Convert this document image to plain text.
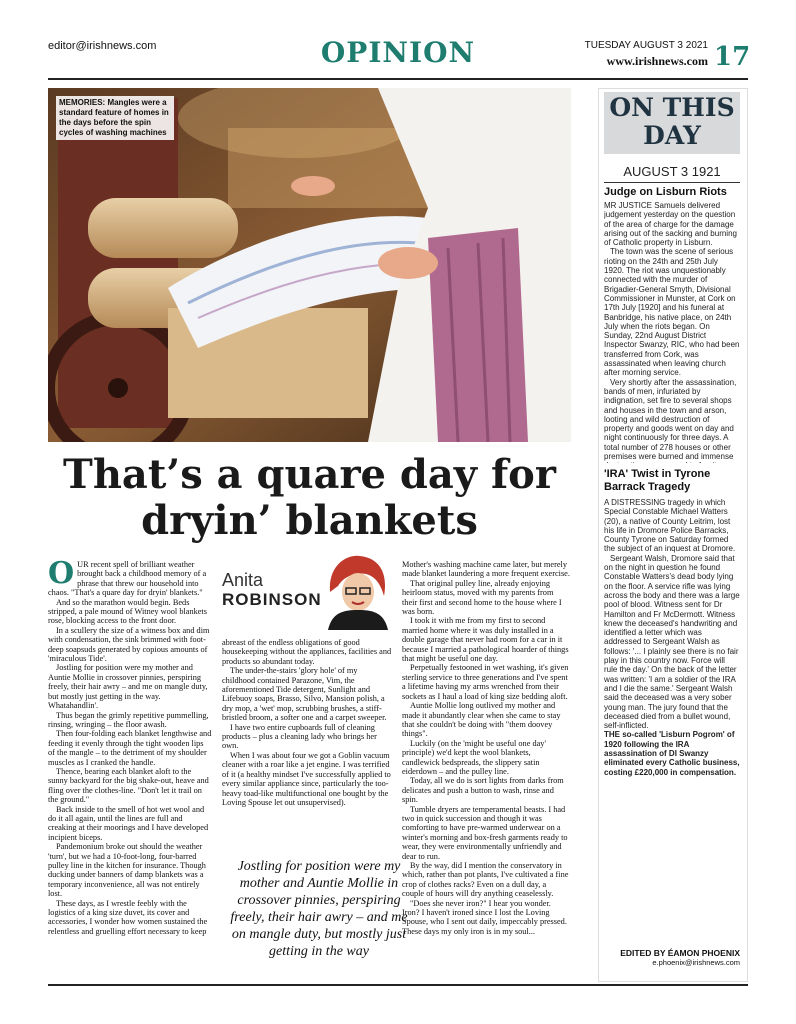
editor@irishnews.com	OPINION	TUESDAY AUGUST 3 2021
www.irishnews.com 17
MEMORIES: Mangles were a standard feature of homes in the days before the spin cycles of washing machines
That’s a quare day for
dryin’ blankets
O UR recent spell of brilliant weather brought back a childhood memory of a phrase that threw our household into chaos. "That's a quare day for dryin' blankets."

And so the marathon would begin. Beds stripped, a pale mound of Witney wool blankets rose, blocking access to the front door.

In a scullery the size of a witness box and dim with condensation, the sink brimmed with foot-deep soapsuds generated by copious amounts of 'miraculous Tide'.

Jostling for position were my mother and Auntie Mollie in crossover pinnies, perspiring freely, their hair awry – and me on mangle duty, but mostly just getting in the way. Whatahandlin'.

Thus began the grimly repetitive pummelling, rinsing, wringing – the floor awash.

Then four-folding each blanket lengthwise and feeding it evenly through the tight wooden lips of the mangle – to the detriment of my shoulder muscles as I cranked the handle.

Thence, bearing each blanket aloft to the sunny backyard for the big shake-out, heave and fling over the clothes-line. "Don't let it trail on the ground."

Back inside to the smell of hot wet wool and do it all again, until the lines are full and creaking at their moorings and I have developed incipient biceps.

Pandemonium broke out should the weather 'turn', but we had a 10-foot-long, four-barred pulley line in the kitchen for insurance. Though ducking under banners of damp blankets was a temporary inconvenience, all was not entirely lost.

These days, as I wrestle feebly with the logistics of a king size duvet, its cover and accessories, I wonder how women sustained the relentless and gruelling effort necessary to keep

Anita
ROBINSON

abreast of the endless obligations of good housekeeping without the appliances, facilities and products so abundant today.

The under-the-stairs 'glory hole' of my childhood contained Parazone, Vim, the aforementioned Tide detergent, Sunlight and Lifebuoy soaps, Brasso, Silvo, Mansion polish, a dry mop, a 'wet' mop, scrubbing brushes, a stiff-bristled broom, a softer one and a carpet sweeper.

I have two entire cupboards full of cleaning products – plus a cleaning lady who brings her own.

When I was about four we got a Goblin vacuum cleaner with a roar like a jet engine. I was terrified of it (a healthy mindset I've successfully applied to every similar appliance since, particularly the too-heavy toad-like multifunctional one bought by the Loving Spouse let out unsupervised).

Jostling for position were my mother and Auntie Mollie in crossover pinnies, perspiring freely, their hair awry – and me on mangle duty, but mostly just getting in the way

Mother's washing machine came later, but merely made blanket laundering a more frequent exercise.

That original pulley line, already enjoying heirloom status, moved with my parents from their first and second home to the house where I was born.

I took it with me from my first to second married home where it was duly installed in a double garage that never had room for a car in it because I married a pathological hoarder of things that might be useful one day.

Perpetually festooned in wet washing, it's given sterling service to three generations and I've spent a lifetime having my arms wrenched from their sockets as I haul a load of king size bedding aloft.

Auntie Mollie long outlived my mother and made it abundantly clear when she came to stay that she couldn't be doing with "them doovey things".

Luckily (on the 'might be useful one day' principle) we'd kept the wool blankets, candlewick bedspreads, the slippery satin eiderdown – and the pulley line.

Today, all we do is sort lights from darks from delicates and push a button to wash, rinse and spin.

Tumble dryers are temperamental beasts. I had two in quick succession and though it was comforting to have pre-warmed underwear on a winter's morning and box-fresh garments ready to wear, they were environmentally unfriendly and dear to run.

By the way, did I mention the conservatory in which, rather than pot plants, I've cultivated a fine crop of clothes racks? Even on a dull day, a couple of hours will dry anything ceaselessly.

"Does she never iron?" I hear you wonder. Iron? I haven't ironed since I lost the Loving Spouse, who I sent out daily, impeccably pressed. These days my only iron is in my soul...

ON THIS
DAY
AUGUST 3 1921
Judge on Lisburn Riots

MR JUSTICE Samuels delivered judgement yesterday on the question of the area of charge for the damage arising out of the sacking and burning of Catholic property in Lisburn.

The town was the scene of serious rioting on the 24th and 25th July 1920. The riot was unquestionably connected with the murder of Brigadier-General Smyth, Divisional Commissioner in Munster, at Cork on 17th July [1920] and his funeral at Banbridge, his native place, on 24th July when the riots began. On Sunday, 22nd August District Inspector Swanzy, RIC, who had been transferred from Cork, was assassinated when leaving church after morning service.

Very shortly after the assassination, bands of men, infuriated by indignation, set fire to several shops and houses in the town and arson, looting and wild destruction of property and goods went on day and night continuously for three days. A total number of 278 houses or other premises were burned and immense

'IRA' Twist in Tyrone Barrack Tragedy

A DISTRESSING tragedy in which Special Constable Michael Watters (20), a native of County Leitrim, lost his life in Dromore Police Barracks, County Tyrone on Saturday formed the subject of an inquest at Dromore.

Sergeant Walsh, Dromore said that on the night in question he found Constable Watters's dead body lying on the floor. A service rifle was lying across the body and there was a large pool of blood. Witness sent for Dr Hamilton and Fr McDermott. Witness knew the deceased's handwriting and identified a letter which was addressed to Sergeant Walsh as follows: '... I plainly see there is no fair play in this country now. Force will rule the day.' On the back of the letter was written: 'I am a soldier of the IRA and I die the same.' Sergeant Walsh said the deceased was a very sober young man. The jury found that the deceased died from a bullet wound, self-inflicted.

THE so-called 'Lisburn Pogrom' of 1920 following the IRA assassination of DI Swanzy eliminated every Catholic business, costing £220,000 in compensation.

EDITED BY ÉAMON PHOENIX
e.phoenix@irishnews.com
